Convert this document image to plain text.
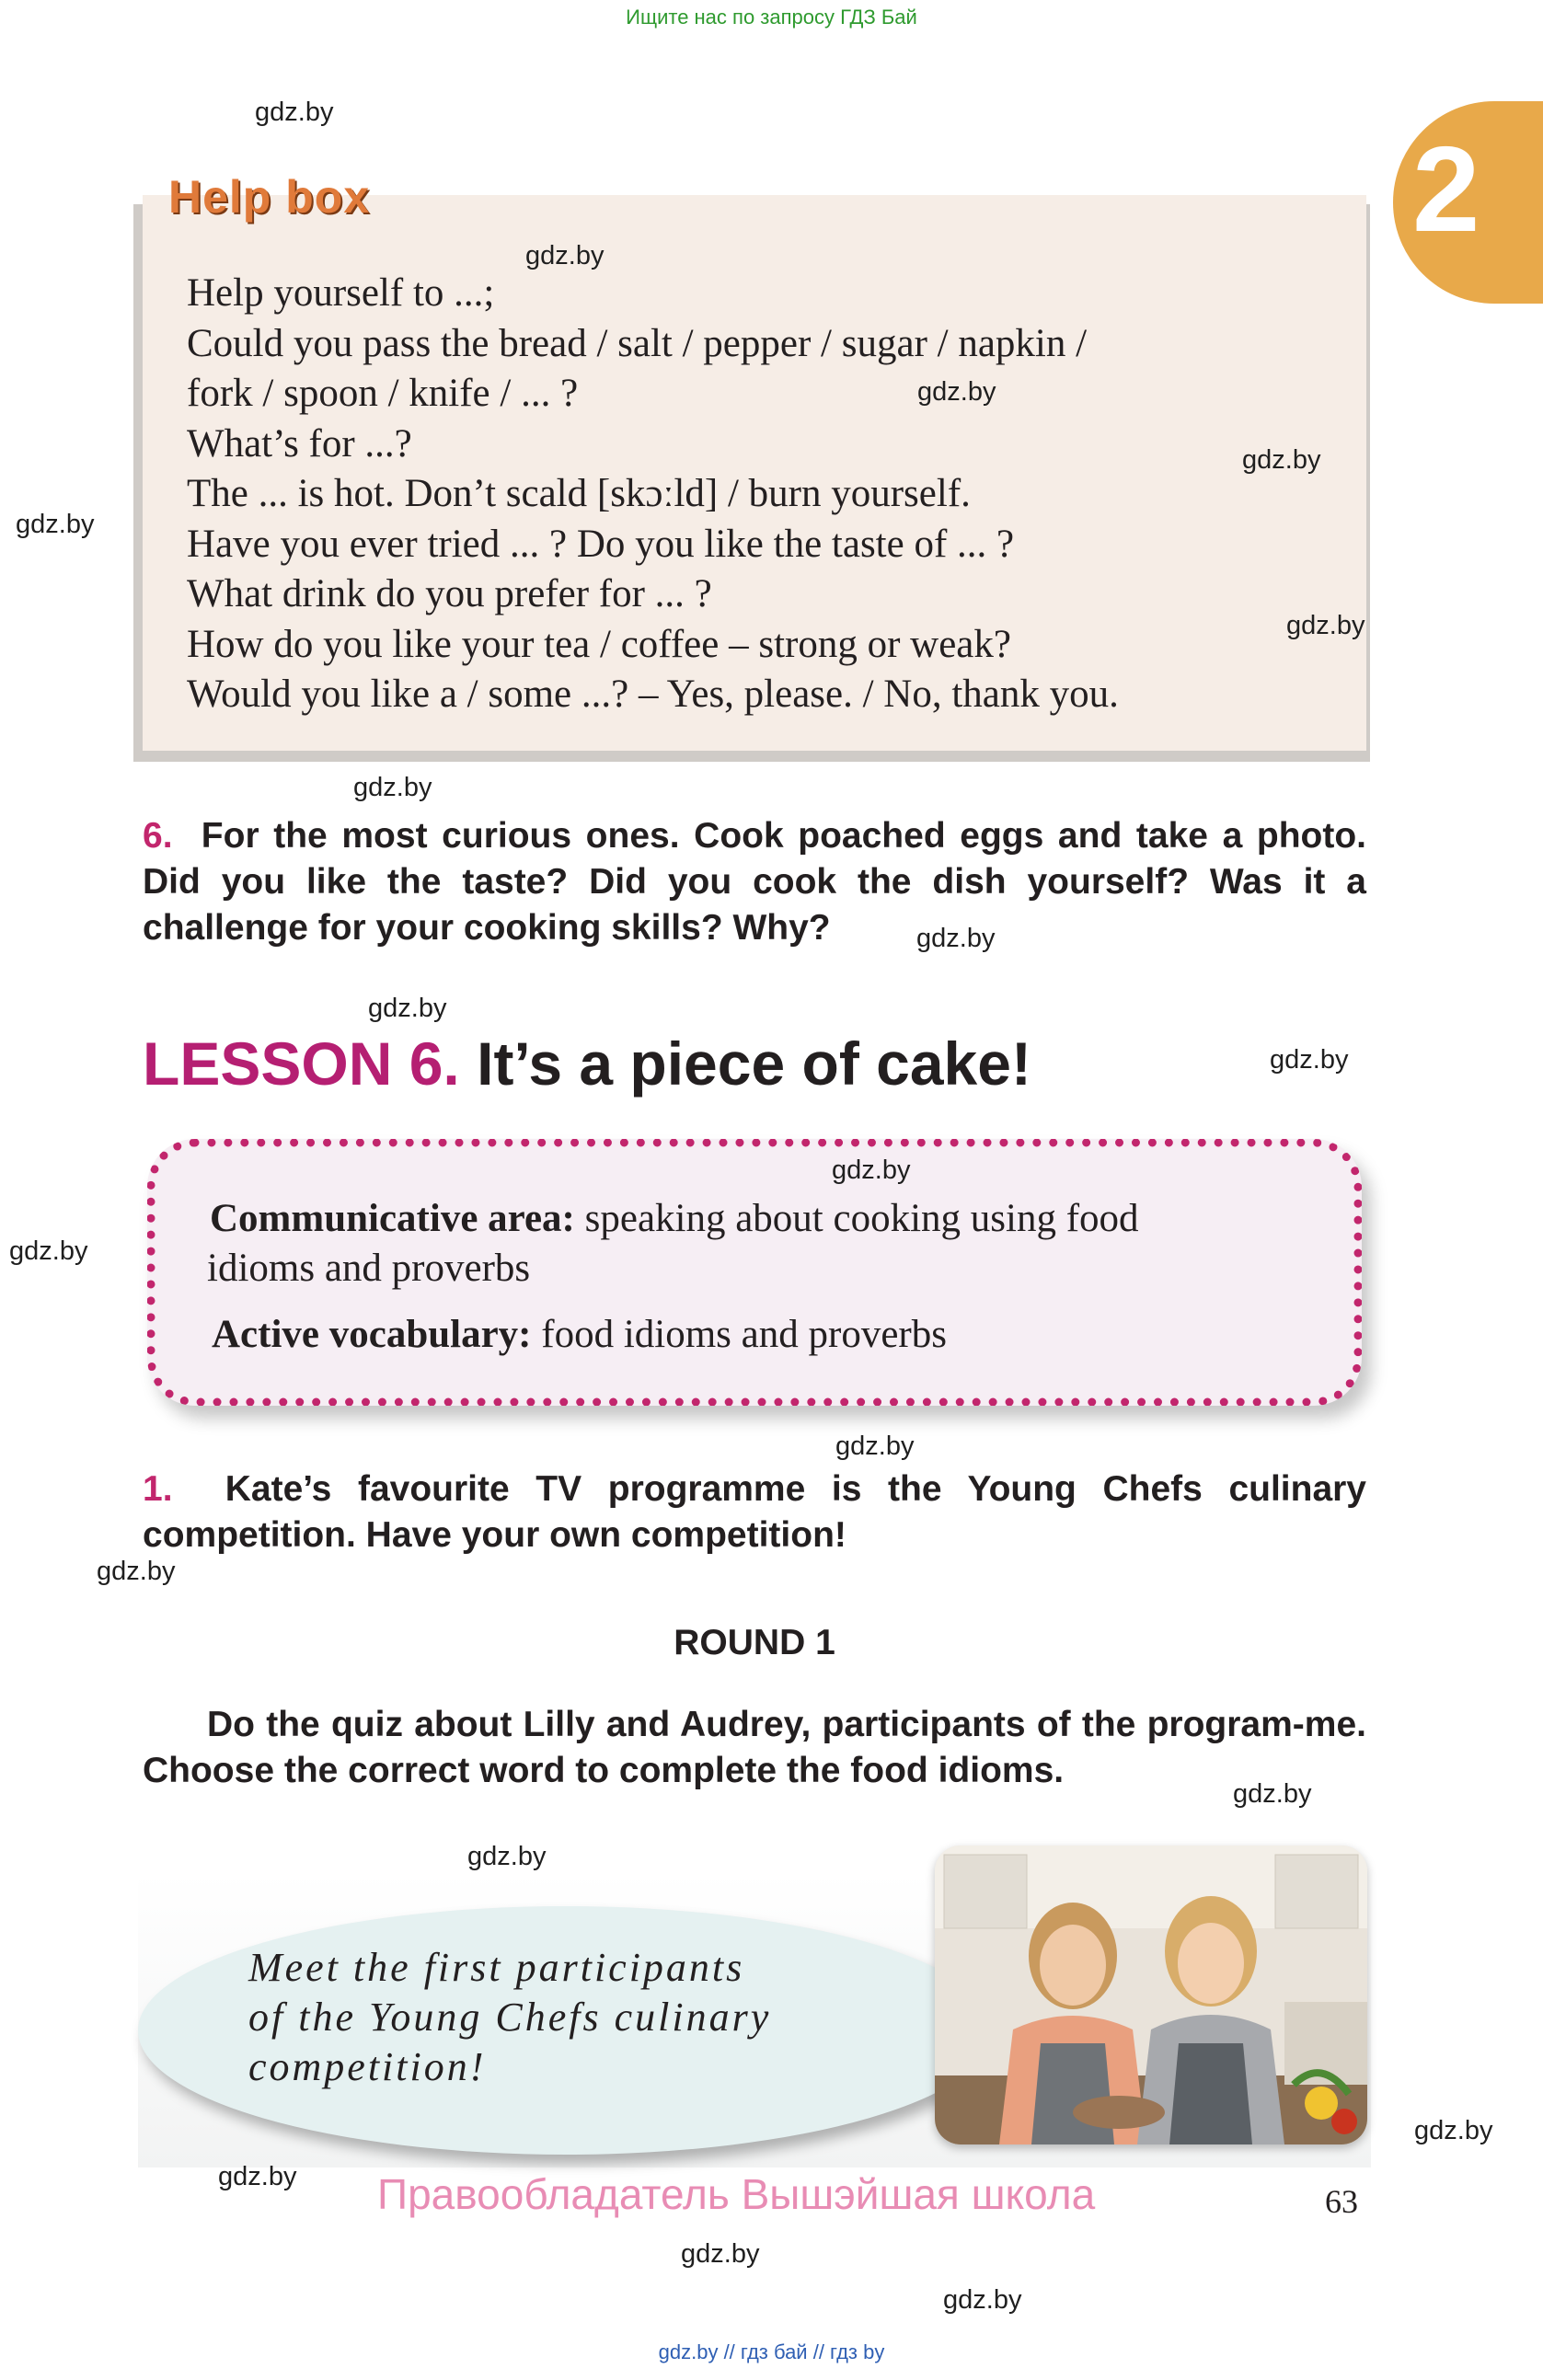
Ищите нас по запросу ГДЗ Бай
2
Help box
Help yourself to ...;
Could you pass the bread / salt / pepper / sugar / napkin /
fork / spoon / knife / ... ?
What’s for ...?
The ... is hot. Don’t scald [skɔːld] / burn yourself.
Have you ever tried ... ? Do you like the taste of ... ?
What drink do you prefer for ... ?
How do you like your tea / coffee – strong or weak?
Would you like a / some ...? – Yes, please. / No, thank you.
6. For the most curious ones. Cook poached eggs and take a photo. Did you like the taste? Did you cook the dish yourself? Was it a challenge for your cooking skills? Why?
LESSON 6. It’s a piece of cake!
Communicative area: speaking about cooking using food
idioms and proverbs
Active vocabulary: food idioms and proverbs
1. Kate’s favourite TV programme is the Young Chefs culinary competition. Have your own competition!
ROUND 1
Do the quiz about Lilly and Audrey, participants of the program-me. Choose the correct word to complete the food idioms.
Meet the first participants
of the Young Chefs culinary
competition!
Правообладатель Вышэйшая школа	63
gdz.by // гдз бай // гдз by
gdz.by
gdz.by
gdz.by
gdz.by
gdz.by
gdz.by
gdz.by
gdz.by
gdz.by
gdz.by
gdz.by
gdz.by
gdz.by
gdz.by
gdz.by
gdz.by
gdz.by
gdz.by
gdz.by
gdz.by
